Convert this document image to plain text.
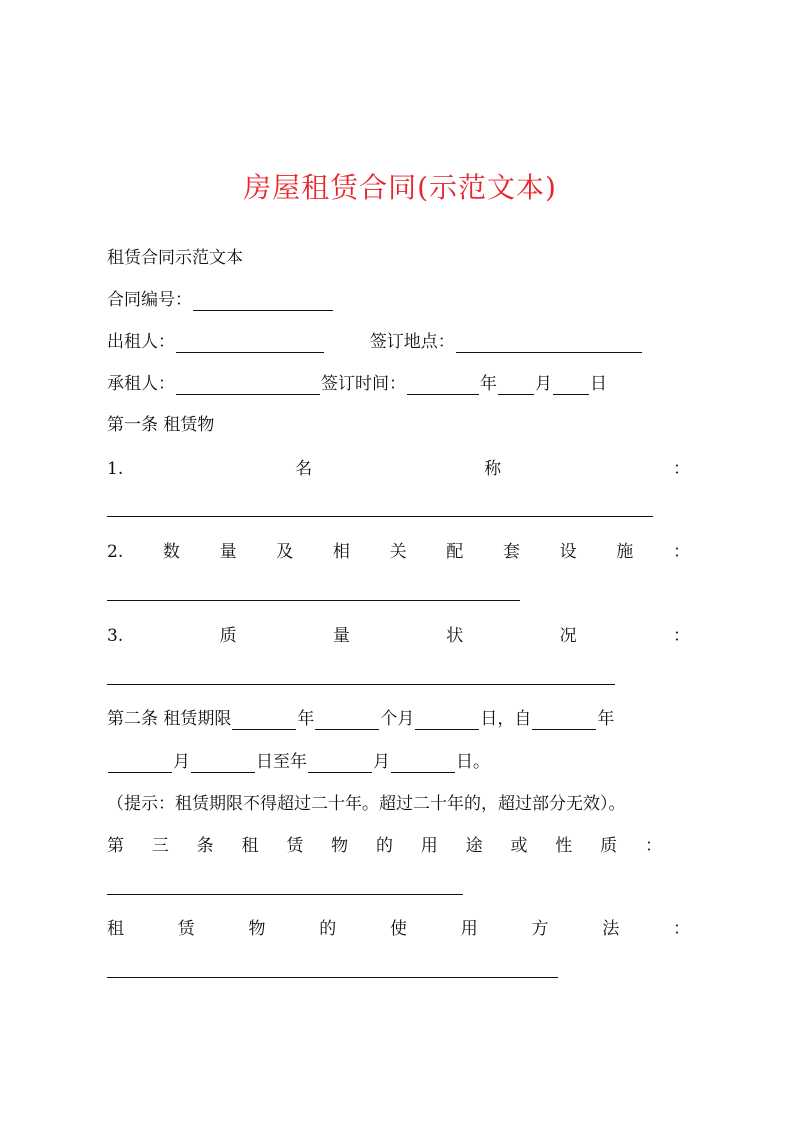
房屋租赁合同(示范文本)
租赁合同示范文本
合同编号：
出租人：	签订地点：
承租人：	签订时间：	年 月 日
第一条 租赁物
1.	名	称	：
2. 数 量 及 相 关 配 套 设 施 ：
3.	质	量	状	况	：
第二条 租赁期限	年	个月	日，自	年
月	日至年	月	日。
（提示：租赁期限不得超过二十年。超过二十年的，超过部分无效）。
第 三 条 租 赁 物 的 用 途 或 性 质 ：
租	赁	物	的	使	用	方	法	：
